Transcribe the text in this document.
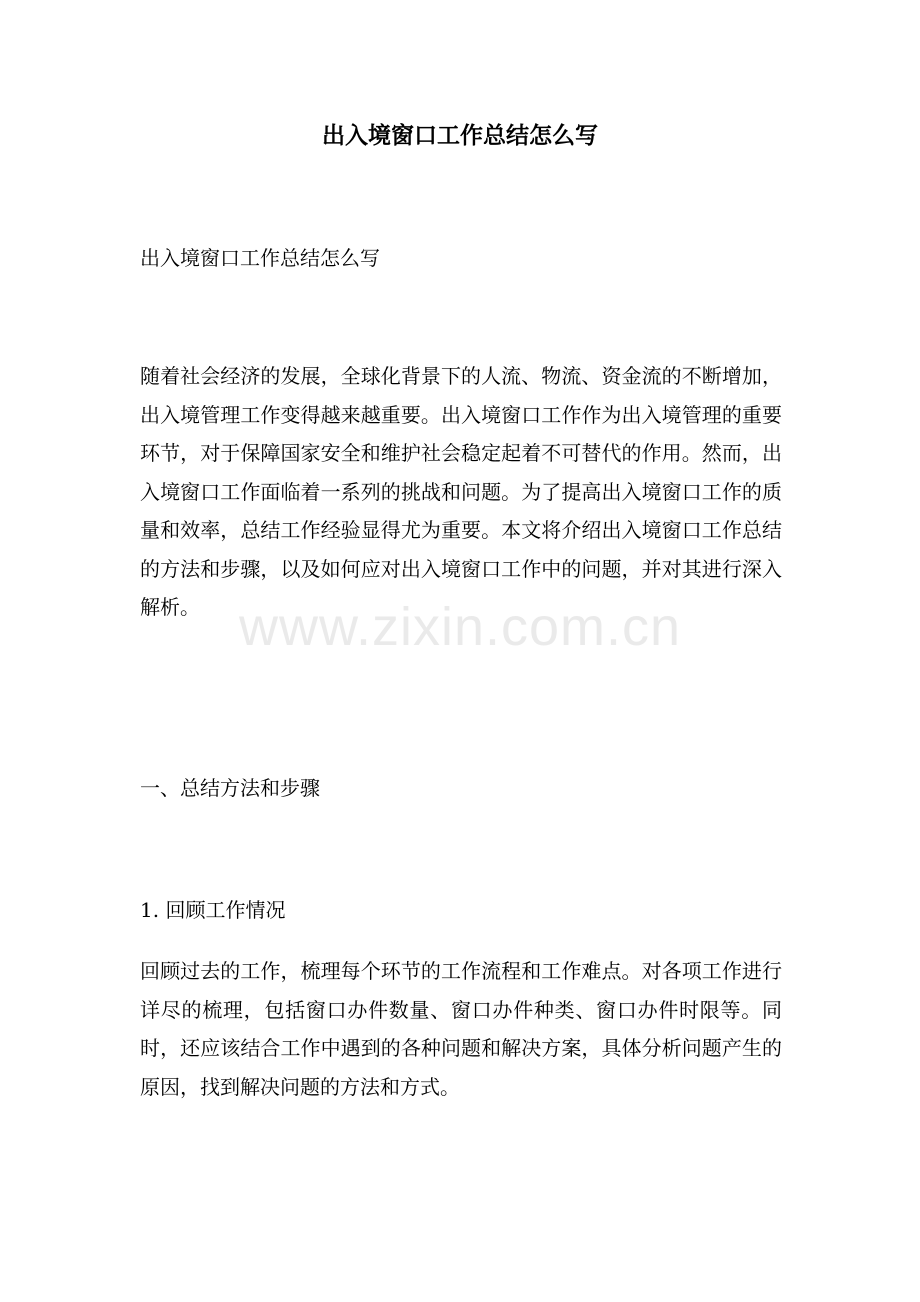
出入境窗口工作总结怎么写

出入境窗口工作总结怎么写

随着社会经济的发展，全球化背景下的人流、物流、资金流的不断增加，出入境管理工作变得越来越重要。出入境窗口工作作为出入境管理的重要环节，对于保障国家安全和维护社会稳定起着不可替代的作用。然而，出入境窗口工作面临着一系列的挑战和问题。为了提高出入境窗口工作的质量和效率，总结工作经验显得尤为重要。本文将介绍出入境窗口工作总结的方法和步骤，以及如何应对出入境窗口工作中的问题，并对其进行深入解析。

一、总结方法和步骤

1. 回顾工作情况

回顾过去的工作，梳理每个环节的工作流程和工作难点。对各项工作进行详尽的梳理，包括窗口办件数量、窗口办件种类、窗口办件时限等。同时，还应该结合工作中遇到的各种问题和解决方案，具体分析问题产生的原因，找到解决问题的方法和方式。

www.zixin.com.cn
